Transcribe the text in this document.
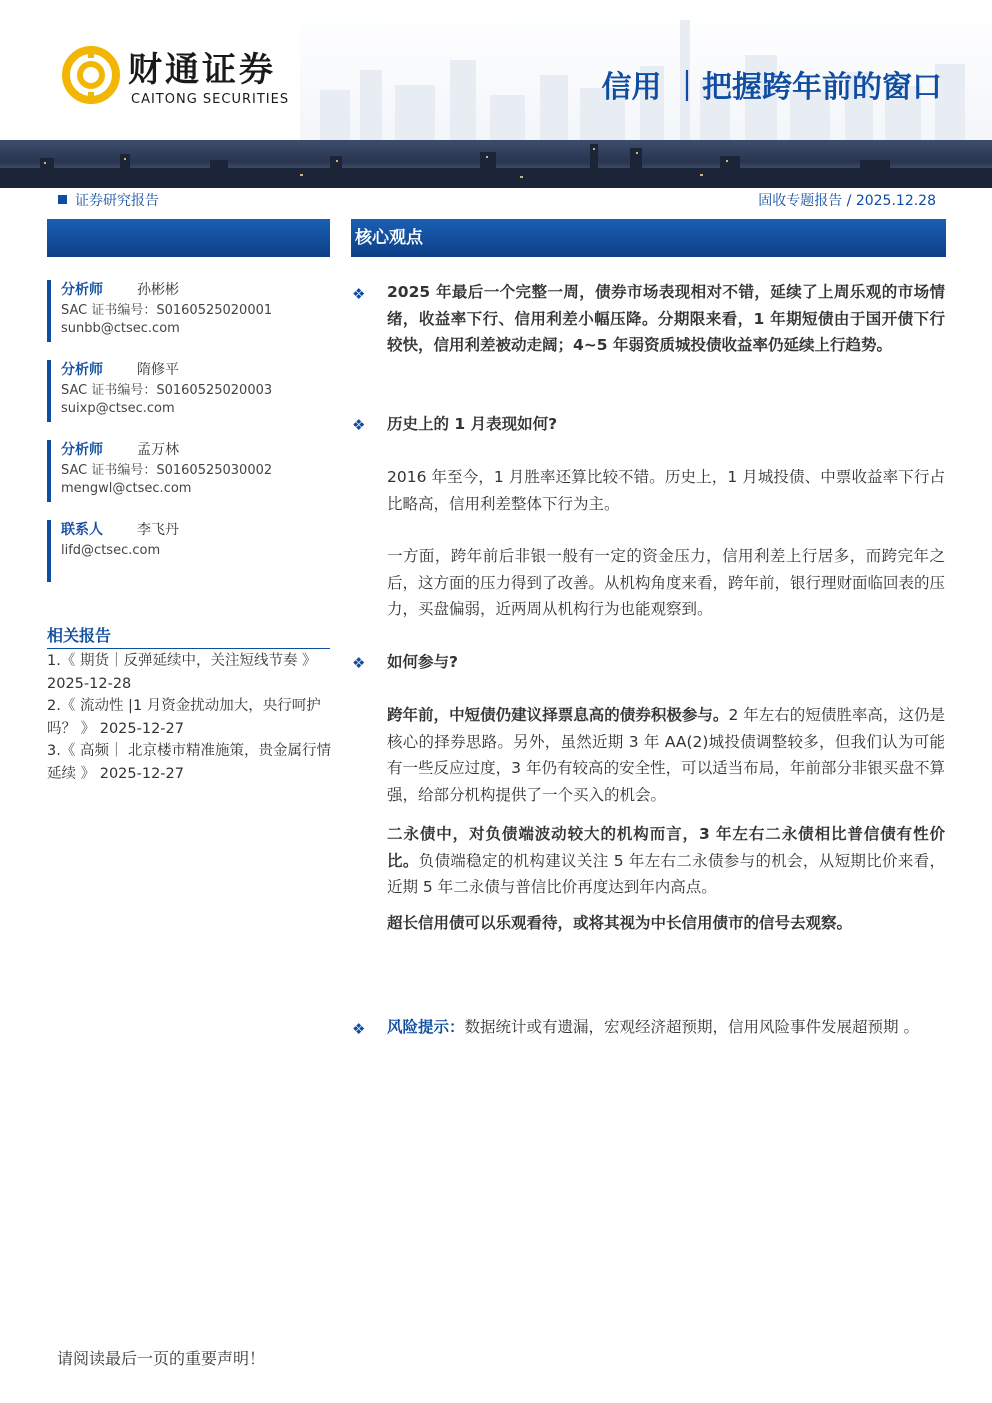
财通证券
CAITONG SECURITIES	信用 ｜把握跨年前的窗口
证券研究报告	固收专题报告 / 2025.12.28
核心观点
分析师 孙彬彬
SAC 证书编号：S0160525020001
sunbb@ctsec.com
分析师 隋修平
SAC 证书编号：S0160525020003
suixp@ctsec.com
分析师 孟万林
SAC 证书编号：S0160525030002
mengwl@ctsec.com
联系人 李飞丹
lifd@ctsec.com
相关报告
1.《 期货｜反弹延续中，关注短线节奏 》 2025-12-28
2.《 流动性 |1 月资金扰动加大，央行呵护吗？ 》 2025-12-27
3.《 高频｜ 北京楼市精准施策，贵金属行情延续 》 2025-12-27
❖ 2025 年最后一个完整一周，债券市场表现相对不错，延续了上周乐观的市场情绪，收益率下行、信用利差小幅压降。分期限来看，1 年期短债由于国开债下行较快，信用利差被动走阔；4~5 年弱资质城投债收益率仍延续上行趋势。
❖ 历史上的 1 月表现如何?
2016 年至今，1 月胜率还算比较不错。历史上，1 月城投债、中票收益率下行占比略高，信用利差整体下行为主。
一方面，跨年前后非银一般有一定的资金压力，信用利差上行居多，而跨完年之后，这方面的压力得到了改善。从机构角度来看，跨年前，银行理财面临回表的压力，买盘偏弱，近两周从机构行为也能观察到。
❖ 如何参与?
跨年前，中短债仍建议择票息高的债券积极参与。2 年左右的短债胜率高，这仍是核心的择券思路。另外，虽然近期 3 年 AA(2)城投债调整较多，但我们认为可能有一些反应过度，3 年仍有较高的安全性，可以适当布局，年前部分非银买盘不算强，给部分机构提供了一个买入的机会。
二永债中，对负债端波动较大的机构而言，3 年左右二永债相比普信债有性价比。负债端稳定的机构建议关注 5 年左右二永债参与的机会，从短期比价来看，近期 5 年二永债与普信比价再度达到年内高点。
超长信用债可以乐观看待，或将其视为中长信用债市的信号去观察。
❖ 风险提示：数据统计或有遗漏，宏观经济超预期，信用风险事件发展超预期 。
请阅读最后一页的重要声明！
